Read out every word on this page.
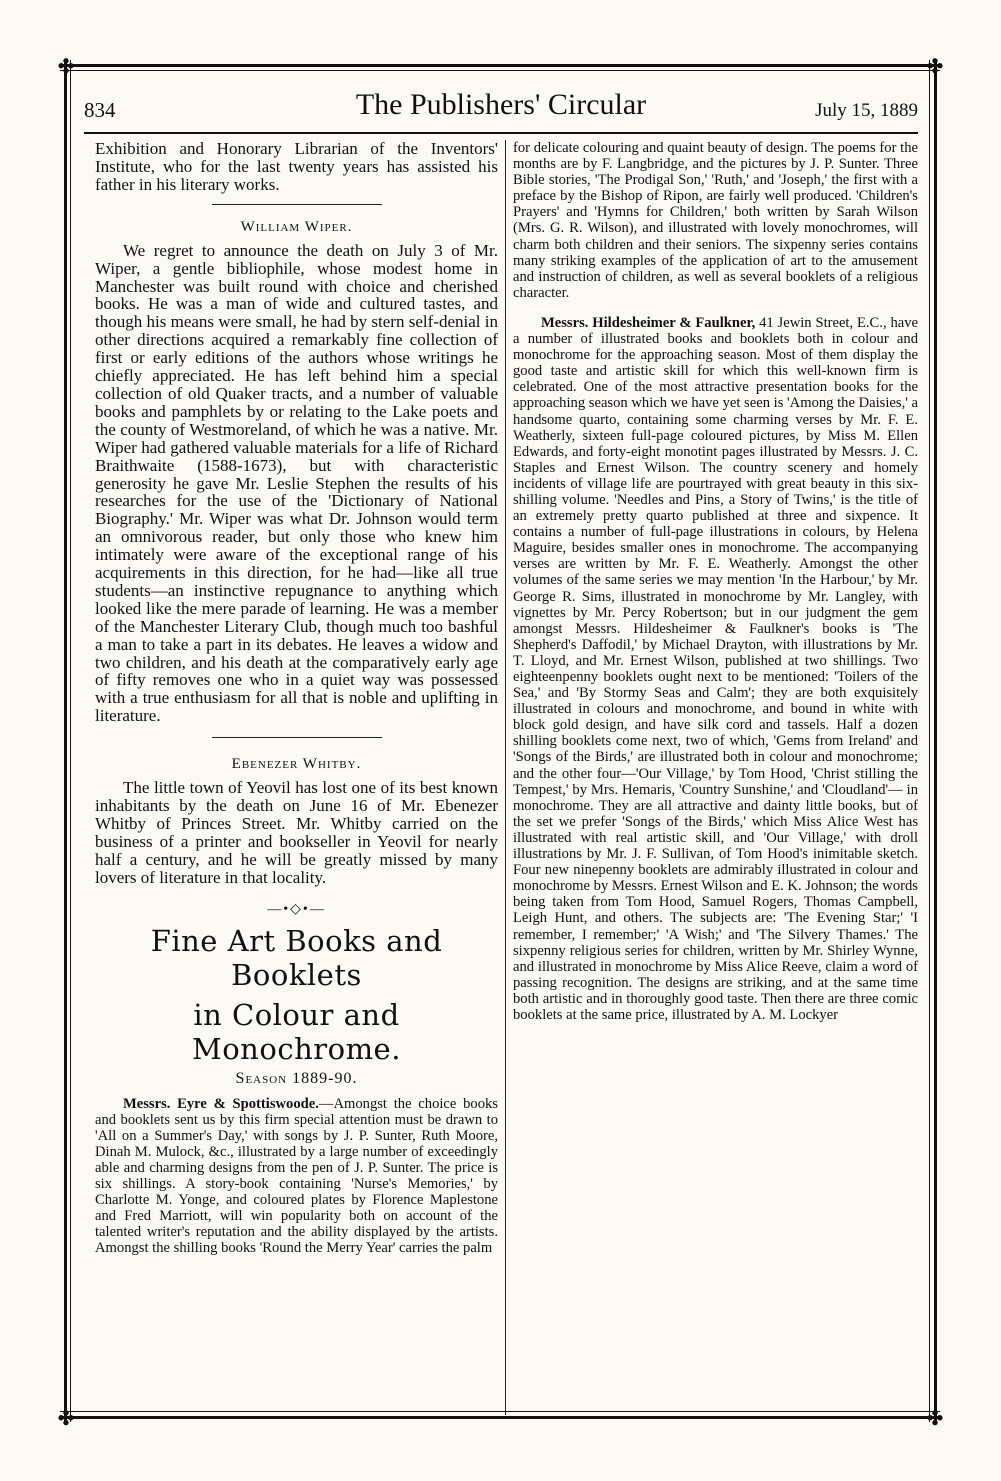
✤	✤
✤	✤
834	The Publishers' Circular	July 15, 1889

Exhibition and Honorary Librarian of the Inventors' Institute, who for the last twenty years has assisted his father in his literary works.

William Wiper.

We regret to announce the death on July 3 of Mr. Wiper, a gentle bibliophile, whose modest home in Manchester was built round with choice and cherished books. He was a man of wide and cultured tastes, and though his means were small, he had by stern self-denial in other directions acquired a remarkably fine collection of first or early editions of the authors whose writings he chiefly appreciated. He has left behind him a special collection of old Quaker tracts, and a number of valuable books and pamphlets by or relating to the Lake poets and the county of Westmoreland, of which he was a native. Mr. Wiper had gathered valuable materials for a life of Richard Braithwaite (1588-1673), but with characteristic generosity he gave Mr. Leslie Stephen the results of his researches for the use of the 'Dictionary of National Biography.' Mr. Wiper was what Dr. Johnson would term an omnivorous reader, but only those who knew him intimately were aware of the exceptional range of his acquirements in this direction, for he had—like all true students—an instinctive repugnance to anything which looked like the mere parade of learning. He was a member of the Manchester Literary Club, though much too bashful a man to take a part in its debates. He leaves a widow and two children, and his death at the comparatively early age of fifty removes one who in a quiet way was possessed with a true enthusiasm for all that is noble and uplifting in literature.

Ebenezer Whitby.

The little town of Yeovil has lost one of its best known inhabitants by the death on June 16 of Mr. Ebenezer Whitby of Princes Street. Mr. Whitby carried on the business of a printer and bookseller in Yeovil for nearly half a century, and he will be greatly missed by many lovers of literature in that locality.

—•◇•—
Fine Art Books and Booklets
in Colour and Monochrome.
Season 1889-90.

Messrs. Eyre & Spottiswoode.—Amongst the choice books and booklets sent us by this firm special attention must be drawn to 'All on a Summer's Day,' with songs by J. P. Sunter, Ruth Moore, Dinah M. Mulock, &c., illustrated by a large number of exceedingly able and charming designs from the pen of J. P. Sunter. The price is six shillings. A story-book containing 'Nurse's Memories,' by Charlotte M. Yonge, and coloured plates by Florence Maplestone and Fred Marriott, will win popularity both on account of the talented writer's reputation and the ability displayed by the artists. Amongst the shilling books 'Round the Merry Year' carries the palm

for delicate colouring and quaint beauty of design. The poems for the months are by F. Langbridge, and the pictures by J. P. Sunter. Three Bible stories, 'The Prodigal Son,' 'Ruth,' and 'Joseph,' the first with a preface by the Bishop of Ripon, are fairly well produced. 'Children's Prayers' and 'Hymns for Children,' both written by Sarah Wilson (Mrs. G. R. Wilson), and illustrated with lovely monochromes, will charm both children and their seniors. The sixpenny series contains many striking examples of the application of art to the amusement and instruction of children, as well as several booklets of a religious character.

Messrs. Hildesheimer & Faulkner, 41 Jewin Street, E.C., have a number of illustrated books and booklets both in colour and monochrome for the approaching season. Most of them display the good taste and artistic skill for which this well-known firm is celebrated. One of the most attractive presentation books for the approaching season which we have yet seen is 'Among the Daisies,' a handsome quarto, containing some charming verses by Mr. F. E. Weatherly, sixteen full-page coloured pictures, by Miss M. Ellen Edwards, and forty-eight monotint pages illustrated by Messrs. J. C. Staples and Ernest Wilson. The country scenery and homely incidents of village life are pourtrayed with great beauty in this six-shilling volume. 'Needles and Pins, a Story of Twins,' is the title of an extremely pretty quarto published at three and sixpence. It contains a number of full-page illustrations in colours, by Helena Maguire, besides smaller ones in monochrome. The accompanying verses are written by Mr. F. E. Weatherly. Amongst the other volumes of the same series we may mention 'In the Harbour,' by Mr. George R. Sims, illustrated in monochrome by Mr. Langley, with vignettes by Mr. Percy Robertson; but in our judgment the gem amongst Messrs. Hildesheimer & Faulkner's books is 'The Shepherd's Daffodil,' by Michael Drayton, with illustrations by Mr. T. Lloyd, and Mr. Ernest Wilson, published at two shillings. Two eighteenpenny booklets ought next to be mentioned: 'Toilers of the Sea,' and 'By Stormy Seas and Calm'; they are both exquisitely illustrated in colours and monochrome, and bound in white with block gold design, and have silk cord and tassels. Half a dozen shilling booklets come next, two of which, 'Gems from Ireland' and 'Songs of the Birds,' are illustrated both in colour and monochrome; and the other four—'Our Village,' by Tom Hood, 'Christ stilling the Tempest,' by Mrs. Hemaris, 'Country Sunshine,' and 'Cloudland'— in monochrome. They are all attractive and dainty little books, but of the set we prefer 'Songs of the Birds,' which Miss Alice West has illustrated with real artistic skill, and 'Our Village,' with droll illustrations by Mr. J. F. Sullivan, of Tom Hood's inimitable sketch. Four new ninepenny booklets are admirably illustrated in colour and monochrome by Messrs. Ernest Wilson and E. K. Johnson; the words being taken from Tom Hood, Samuel Rogers, Thomas Campbell, Leigh Hunt, and others. The subjects are: 'The Evening Star;' 'I remember, I remember;' 'A Wish;' and 'The Silvery Thames.' The sixpenny religious series for children, written by Mr. Shirley Wynne, and illustrated in monochrome by Miss Alice Reeve, claim a word of passing recognition. The designs are striking, and at the same time both artistic and in thoroughly good taste. Then there are three comic booklets at the same price, illustrated by A. M. Lockyer
